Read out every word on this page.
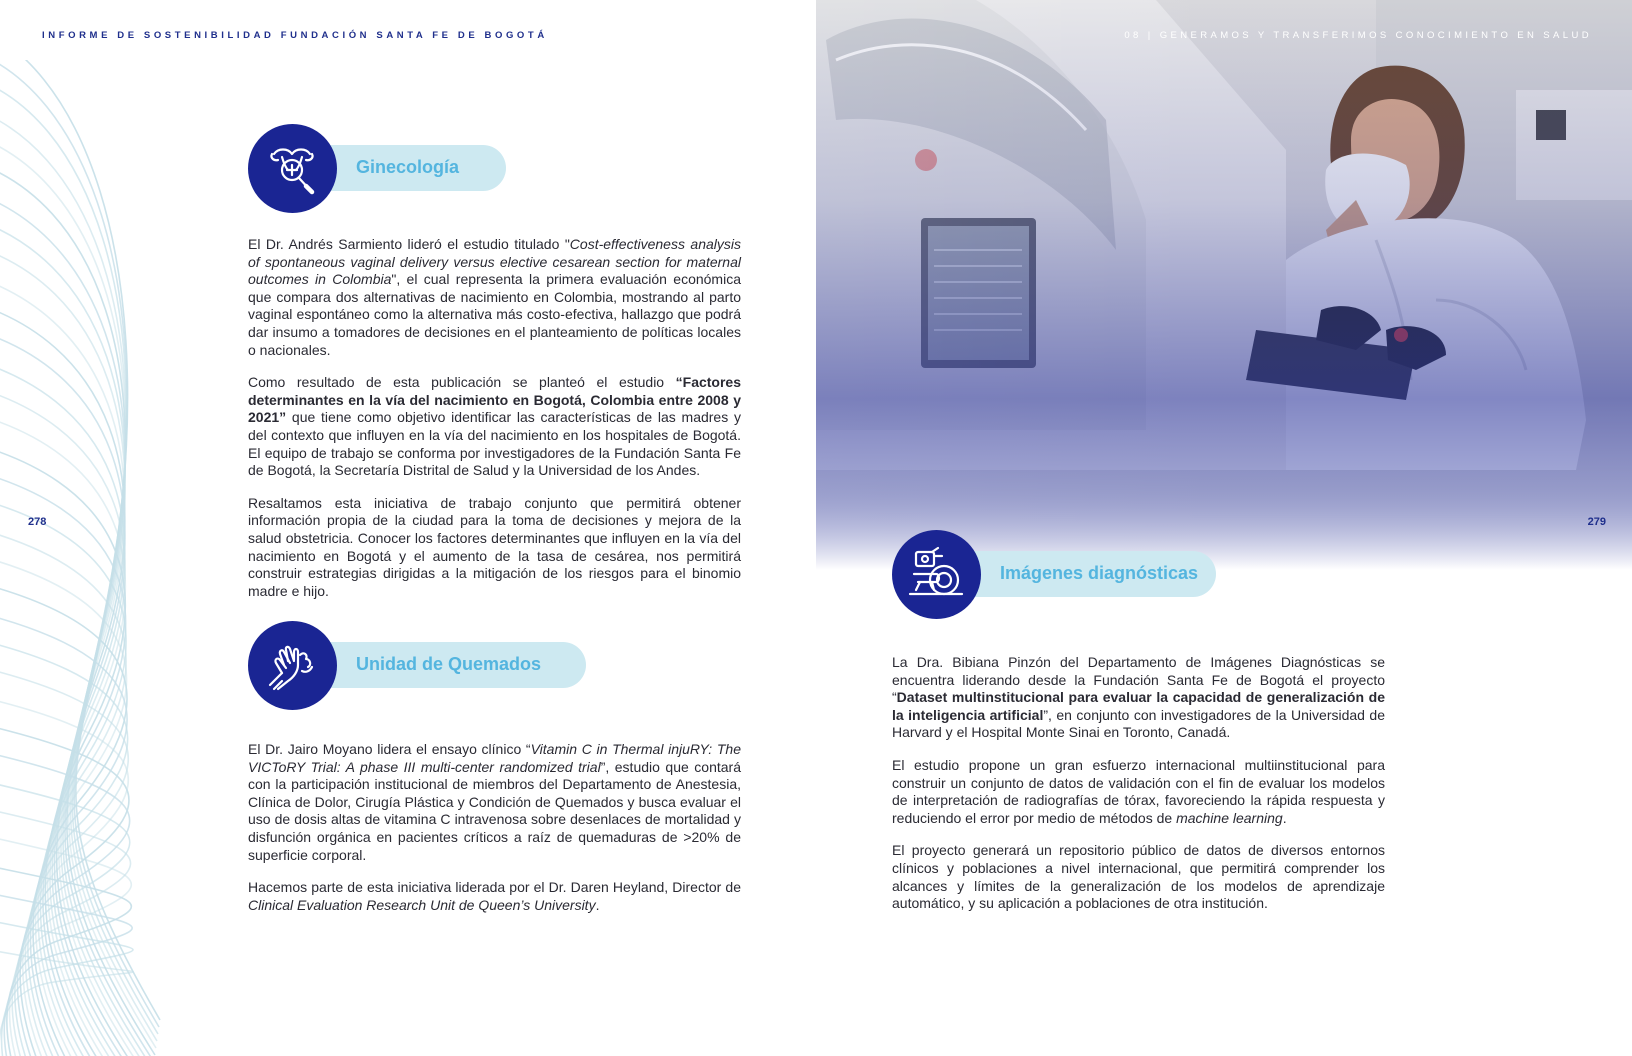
INFORME DE SOSTENIBILIDAD FUNDACIÓN SANTA FE DE BOGOTÁ
278
Ginecología

El Dr. Andrés Sarmiento lideró el estudio titulado "Cost-effectiveness analysis of spontaneous vaginal delivery versus elective cesarean section for maternal outcomes in Colombia", el cual representa la primera evaluación económica que compara dos alternativas de nacimiento en Colombia, mostrando al parto vaginal espontáneo como la alternativa más costo-efectiva, hallazgo que podrá dar insumo a tomadores de decisiones en el planteamiento de políticas locales o nacionales.

Como resultado de esta publicación se planteó el estudio “Factores determinantes en la vía del nacimiento en Bogotá, Colombia entre 2008 y 2021” que tiene como objetivo identificar las características de las madres y del contexto que influyen en la vía del nacimiento en los hospitales de Bogotá. El equipo de trabajo se conforma por investigadores de la Fundación Santa Fe de Bogotá, la Secretaría Distrital de Salud y la Universidad de los Andes.

Resaltamos esta iniciativa de trabajo conjunto que permitirá obtener información propia de la ciudad para la toma de decisiones y mejora de la salud obstetricia. Conocer los factores determinantes que influyen en la vía del nacimiento en Bogotá y el aumento de la tasa de cesárea, nos permitirá construir estrategias dirigidas a la mitigación de los riesgos para el binomio madre e hijo.

Unidad de Quemados

El Dr. Jairo Moyano lidera el ensayo clínico “Vitamin C in Thermal injuRY: The VICToRY Trial: A phase III multi-center randomized trial”, estudio que contará con la participación institucional de miembros del Departamento de Anestesia, Clínica de Dolor, Cirugía Plástica y Condición de Quemados y busca evaluar el uso de dosis altas de vitamina C intravenosa sobre desenlaces de mortalidad y disfunción orgánica en pacientes críticos a raíz de quemaduras de >20% de superficie corporal.

Hacemos parte de esta iniciativa liderada por el Dr. Daren Heyland, Director de Clinical Evaluation Research Unit de Queen’s University.

08 | GENERAMOS Y TRANSFERIMOS CONOCIMIENTO EN SALUD
279
Imágenes diagnósticas

La Dra. Bibiana Pinzón del Departamento de Imágenes Diagnósticas se encuentra liderando desde la Fundación Santa Fe de Bogotá el proyecto “Dataset multinstitucional para evaluar la capacidad de generalización de la inteligencia artificial”, en conjunto con investigadores de la Universidad de Harvard y el Hospital Monte Sinai en Toronto, Canadá.

El estudio propone un gran esfuerzo internacional multiinstitucional para construir un conjunto de datos de validación con el fin de evaluar los modelos de interpretación de radiografías de tórax, favoreciendo la rápida respuesta y reduciendo el error por medio de métodos de machine learning.

El proyecto generará un repositorio público de datos de diversos entornos clínicos y poblaciones a nivel internacional, que permitirá comprender los alcances y límites de la generalización de los modelos de aprendizaje automático, y su aplicación a poblaciones de otra institución.
